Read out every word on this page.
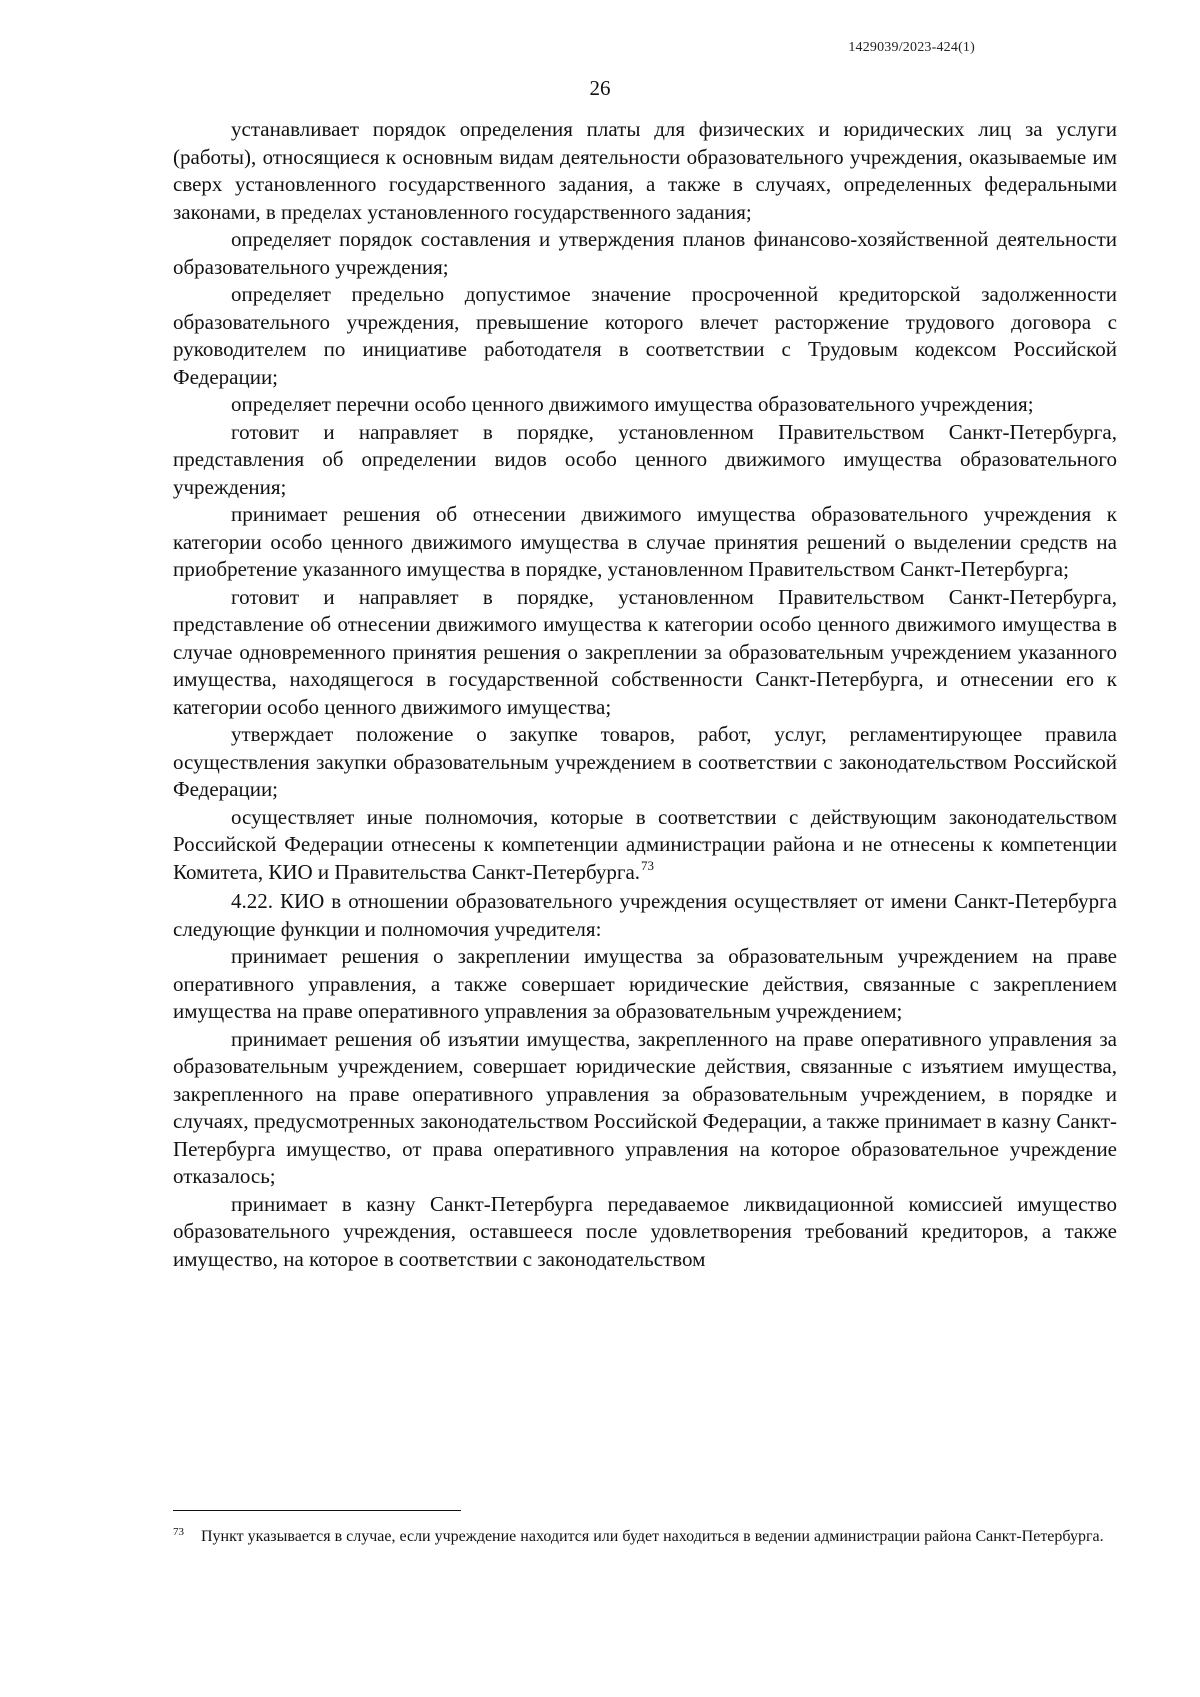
1429039/2023-424(1)
26

устанавливает порядок определения платы для физических и юридических лиц за услуги (работы), относящиеся к основным видам деятельности образовательного учреждения, оказываемые им сверх установленного государственного задания, а также в случаях, определенных федеральными законами, в пределах установленного государственного задания;

определяет порядок составления и утверждения планов финансово-хозяйственной деятельности образовательного учреждения;

определяет предельно допустимое значение просроченной кредиторской задолженности образовательного учреждения, превышение которого влечет расторжение трудового договора с руководителем по инициативе работодателя в соответствии с Трудовым кодексом Российской Федерации;

определяет перечни особо ценного движимого имущества образовательного учреждения;

готовит и направляет в порядке, установленном Правительством Санкт-Петербурга, представления об определении видов особо ценного движимого имущества образовательного учреждения;

принимает решения об отнесении движимого имущества образовательного учреждения к категории особо ценного движимого имущества в случае принятия решений о выделении средств на приобретение указанного имущества в порядке, установленном Правительством Санкт-Петербурга;

готовит и направляет в порядке, установленном Правительством Санкт-Петербурга, представление об отнесении движимого имущества к категории особо ценного движимого имущества в случае одновременного принятия решения о закреплении за образовательным учреждением указанного имущества, находящегося в государственной собственности Санкт-Петербурга, и отнесении его к категории особо ценного движимого имущества;

утверждает положение о закупке товаров, работ, услуг, регламентирующее правила осуществления закупки образовательным учреждением в соответствии с законодательством Российской Федерации;

осуществляет иные полномочия, которые в соответствии с действующим законодательством Российской Федерации отнесены к компетенции администрации района и не отнесены к компетенции Комитета, КИО и Правительства Санкт-Петербурга.$^{73}$

4.22. КИО в отношении образовательного учреждения осуществляет от имени Санкт-Петербурга следующие функции и полномочия учредителя:

принимает решения о закреплении имущества за образовательным учреждением на праве оперативного управления, а также совершает юридические действия, связанные с закреплением имущества на праве оперативного управления за образовательным учреждением;

принимает решения об изъятии имущества, закрепленного на праве оперативного управления за образовательным учреждением, совершает юридические действия, связанные с изъятием имущества, закрепленного на праве оперативного управления за образовательным учреждением, в порядке и случаях, предусмотренных законодательством Российской Федерации, а также принимает в казну Санкт-Петербурга имущество, от права оперативного управления на которое образовательное учреждение отказалось;

принимает в казну Санкт-Петербурга передаваемое ликвидационной комиссией имущество образовательного учреждения, оставшееся после удовлетворения требований кредиторов, а также имущество, на которое в соответствии с законодательством

73 Пункт указывается в случае, если учреждение находится или будет находиться в ведении администрации района Санкт-Петербурга.
